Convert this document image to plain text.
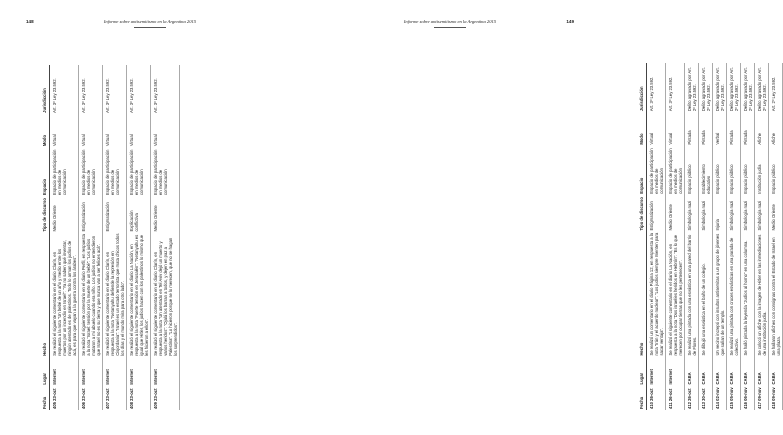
148	Informe sobre antisemitismo en la Argentina 2015
Fecha	Lugar	Hecho	Tipo de discurso	Espacio	Modo	Jurisdicción
405 23-oct	Internet	Se realizó el siguiente comentario en el diario Clarín, en respuesta a la nota “Un bebé de un año y medio entre los muertos por un incendio en Israel”: “Ya no saben qué inventar, ningún atentado es de palestinos. Todo lo arman los judíos de acá, es para que vayan a la guerra contra los árabes”.	Medio Oriente	Espacio de participación en medios de comunicación	Virtual	Art. 3º Ley 23.592.
406 23-oct	Internet	Se realizó el siguiente comentario en el diario Perfil, en respuesta a la nota “Israel: tensión por la muerte de un bebé”: “Los judíos mataron a mi abuelo cuando era niño. Los judíos no entendieron que Israel no es su tierra y que nunca van a ser felices acá”.	Estigmatización	Espacio de participación en medios de comunicación	Virtual	Art. 3º Ley 23.592.
407 23-oct	Internet	Se realizó el siguiente comentario en el diario Clarín, en respuesta a la nota “Netanyahu defiende la represión en Cisjordania”: “Israel es un estado terrorista que mata chicos todos los días y el mundo mira para otro lado”.	Estigmatización	Espacio de participación en medios de comunicación	Virtual	Art. 3º Ley 23.592.
408 23-oct	Internet	Se realizó el siguiente comentario en el diario La Nación, en respuesta a la nota “Fuerte tensión en Jerusalén”: “Netanyahu es igual que Hitler, los judíos hacen con los palestinos lo mismo que les hicieron a ellos”.	Explicación conflictiva	Espacio de participación en medios de comunicación	Virtual	Art. 3º Ley 23.592.
409 23-oct	Internet	Se realizó el siguiente comentario en el diario Clarín, en respuesta a la nota “Un atentado en Tel Aviv dejó un muerto y varios heridos”: “Ojalá los barran a todos, y dejen en paz a Palestina”. “Lo hicieron porque se lo merecen, que no se hagan los sorprendidos”.	Medio Oriente	Espacio de participación en medios de comunicación	Virtual	Art. 3º Ley 23.592.
Informe sobre antisemitismo en la Argentina 2015	149
Fecha	Lugar	Hecho	Tipo de discurso	Espacio	Modo	Jurisdicción
410 26-oct	Internet	Se realizó un comentario en el diario Página 12, en respuesta a la nota “Irán y el acuerdo nuclear”: “Los judíos siempre mienten para sacar ventaja”.	Estigmatización	Espacio de participación en medios de comunicación	Virtual	Art. 3º Ley 23.592.
411 26-oct	Internet	Se realizó el siguiente comentario en el diario La Nación, en respuesta a la nota “Dos israelíes heridos en Hebrón”: “Es lo que merecen por ocupar tierras que no les pertenecen”.	Medio Oriente	Espacio de participación en medios de comunicación	Virtual	Art. 3º Ley 23.592.
412 26-oct	CABA	Se realizó una pintada con una esvástica en una pared del barrio de Flores.	Simbología nazi	Espacio público	Pintada	Delito agravado por Art. 2º Ley 23.592.
413 30-oct	CABA	Se dibujó una esvástica en el baño de un colegio.	Simbología nazi	Establecimiento educativo	Pintada	Delito agravado por Art. 2º Ley 23.592.
414 02-nov	CABA	Un vecino increpó con insultos antisemitas a un grupo de jóvenes que salían de un templo.	Injuria	Espacio público	Verbal	Delito agravado por Art. 2º Ley 23.592.
415 05-nov	CABA	Se realizó una pintada con cruces esvásticas en una parada de colectivo.	Simbología nazi	Espacio público	Pintada	Delito agravado por Art. 2º Ley 23.592.
416 06-nov	CABA	Se halló pintada la leyenda “Judíos al horno” en una columna.	Simbología nazi	Espacio público	Pintada	Delito agravado por Art. 2º Ley 23.592.
417 09-nov	CABA	Se colocó un afiche con la imagen de Hitler en las inmediaciones de una institución judía.	Simbología nazi	Institución judía	Afiche	Delito agravado por Art. 2º Ley 23.592.
418 09-nov	CABA	Se hallaron afiches con consignas contra el Estado de Israel en una plaza.	Medio Oriente	Espacio público	Afiche	Art. 2º Ley 23.592.
